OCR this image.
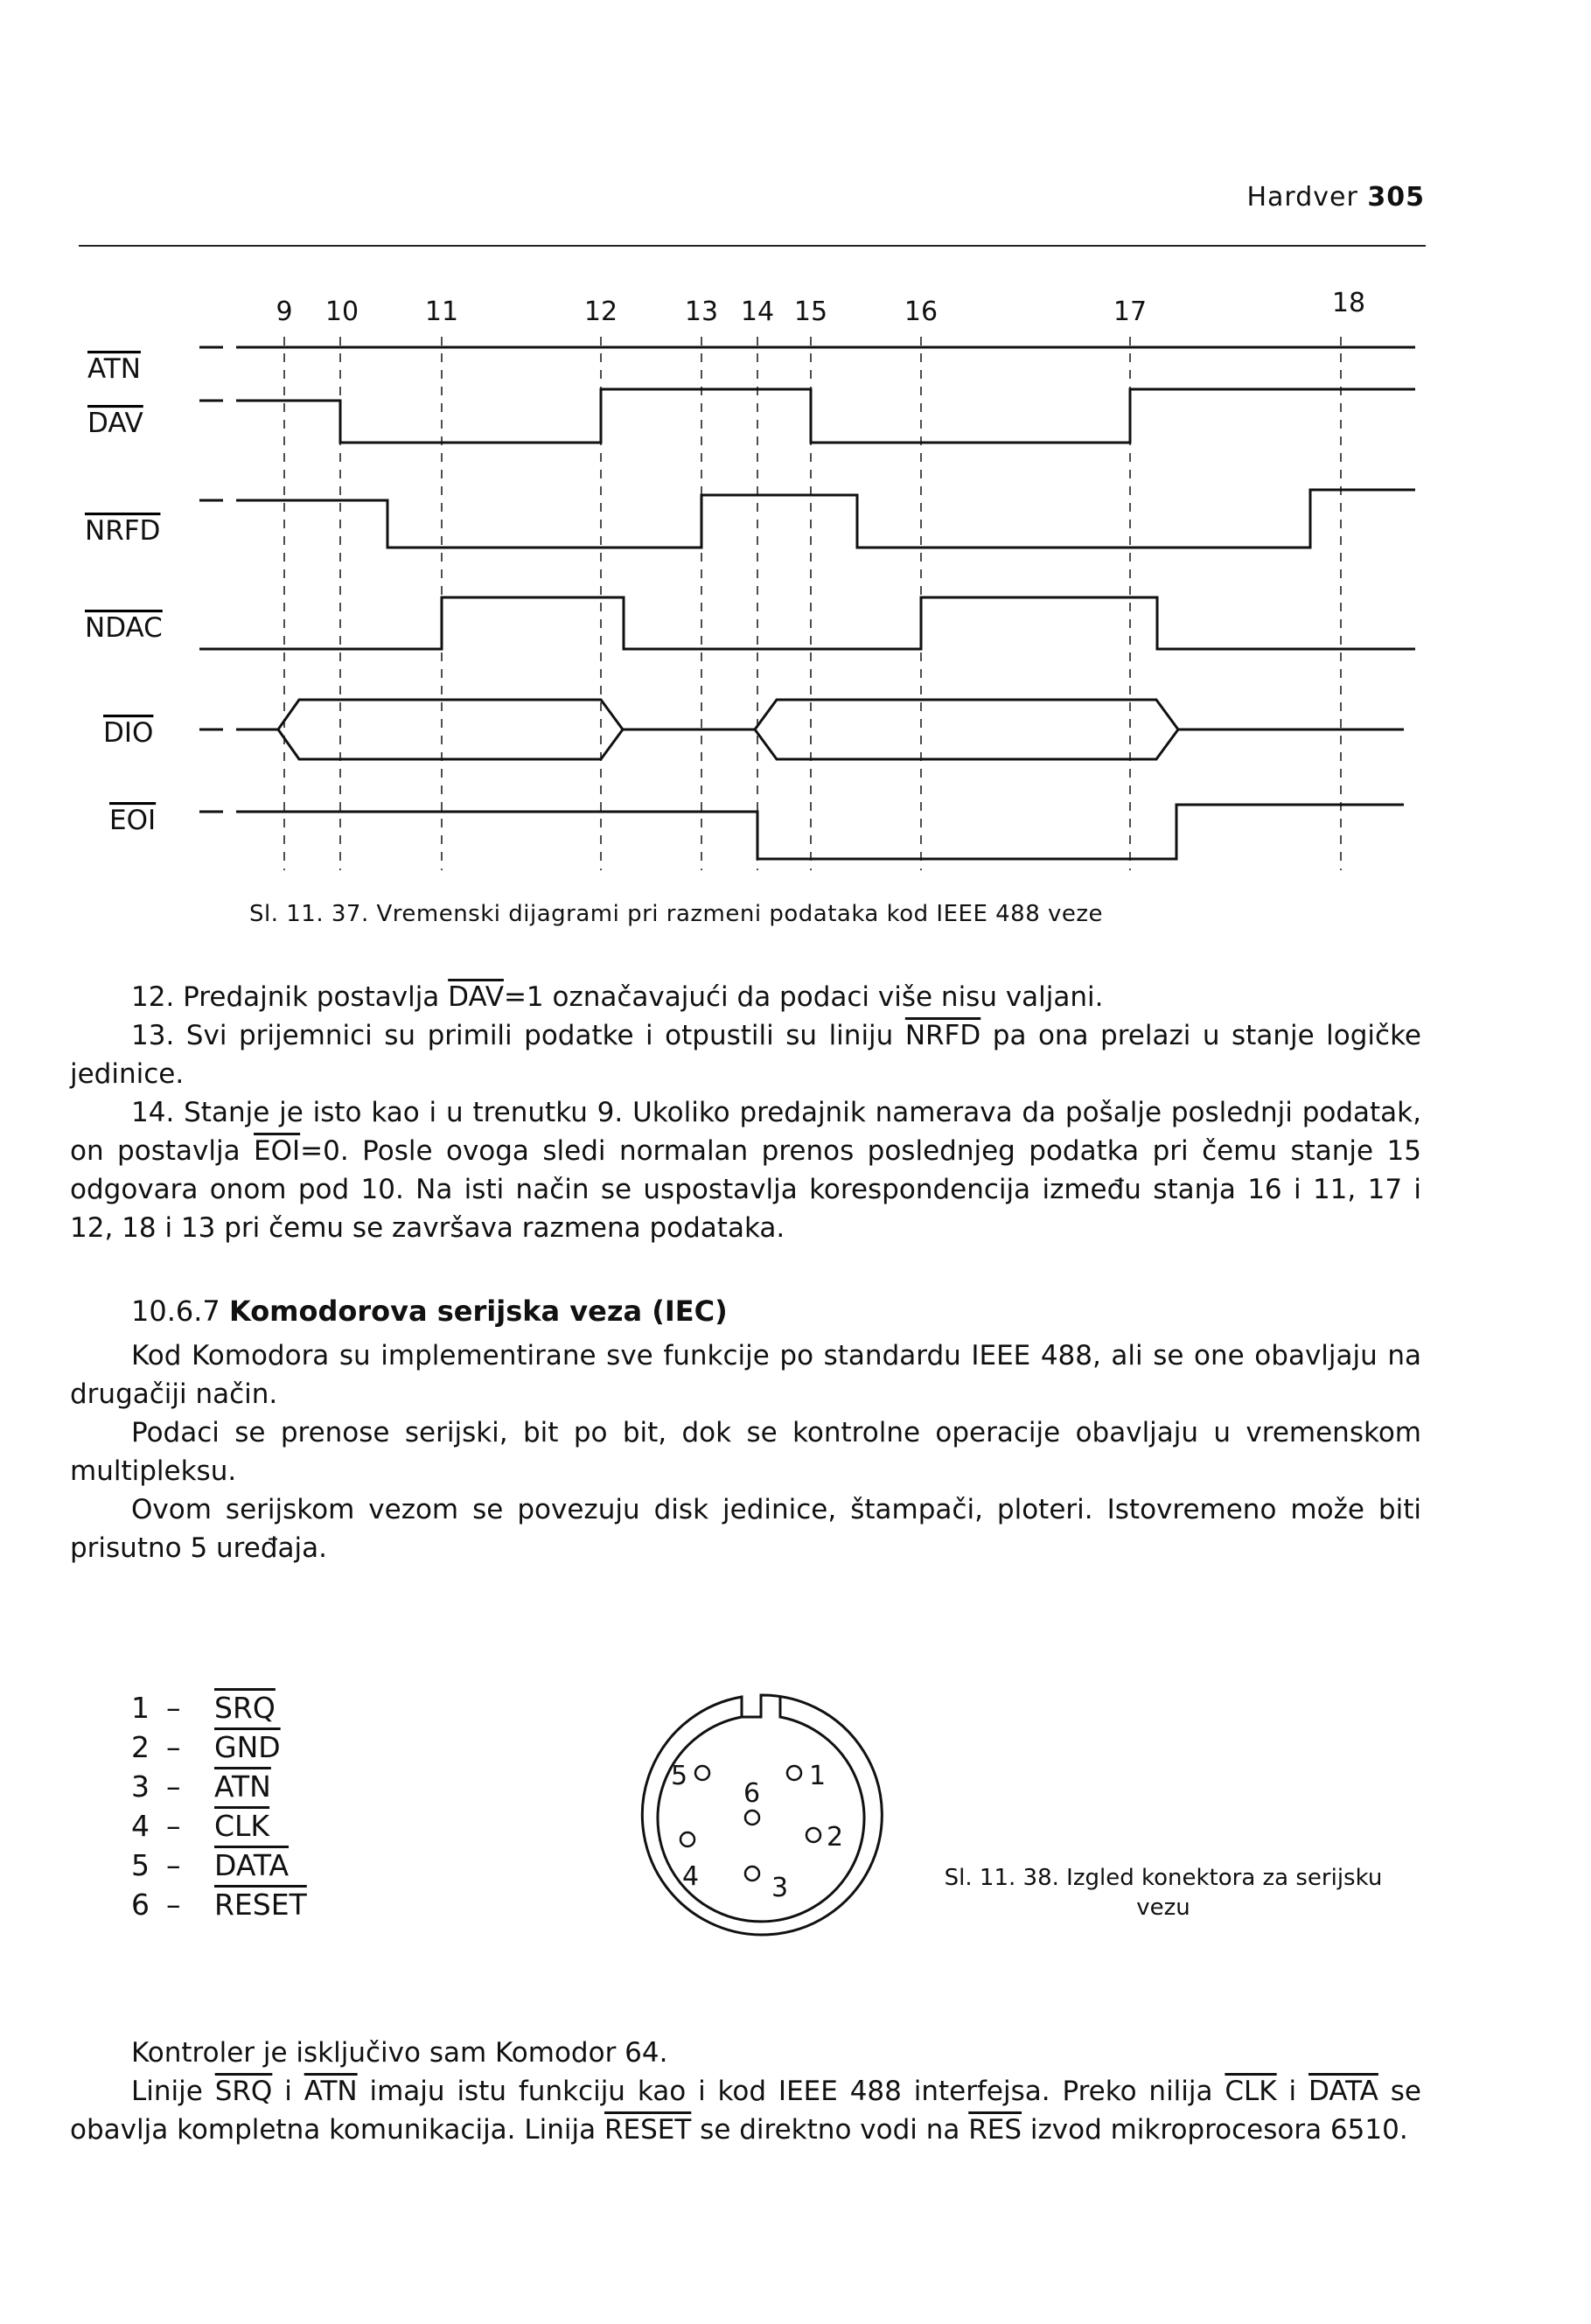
Hardver 305
9 10	11	12	13 14 15	16	17	18
ATN
DAV
NRFD
NDAC
DIO
EOI
Sl. 11. 37. Vremenski dijagrami pri razmeni podataka kod IEEE 488 veze

12. Predajnik postavlja $\overline{DAV}=1$ označavajući da podaci više nisu valjani.

13. Svi prijemnici su primili podatke i otpustili su liniju NRFD pa ona prelazi u stanje logičke jedinice.

14. Stanje je isto kao i u trenutku 9. Ukoliko predajnik namerava da pošalje poslednji podatak, on postavlja $\overline{EOI}=0$. Posle ovoga sledi normalan prenos poslednjeg podatka pri čemu stanje 15 odgovara onom pod 10. Na isti način se uspostavlja korespondencija između stanja 16 i 11, 17 i 12, 18 i 13 pri čemu se završava razmena podataka.

10.6.7 Komodorova serijska veza (IEC)

Kod Komodora su implementirane sve funkcije po standardu IEEE 488, ali se one obavljaju na drugačiji način.

Podaci se prenose serijski, bit po bit, dok se kontrolne operacije obavljaju u vremenskom multipleksu.

Ovom serijskom vezom se povezuju disk jedinice, štampači, ploteri. Istovremeno može biti prisutno 5 uređaja.

1 –	$\overline{SRQ}$
2 –	$\overline{GND}$
3 –	$\overline{ATN}$
4 –	$\overline{CLK}$
5 –	DATA
6 –	RESET
1
2
3
4
5
6
Sl. 11. 38. Izgled konektora za serijsku
vezu

Kontroler je isključivo sam Komodor 64.

Linije $\overline{SRQ}$ i $\overline{ATN}$ imaju istu funkciju kao i kod IEEE 488 interfejsa. Preko nilija $\overline{CLK}$ i DATA se obavlja kompletna komunikacija. Linija RESET se direktno vodi na $\overline{RES}$ izvod mikroprocesora 6510.
